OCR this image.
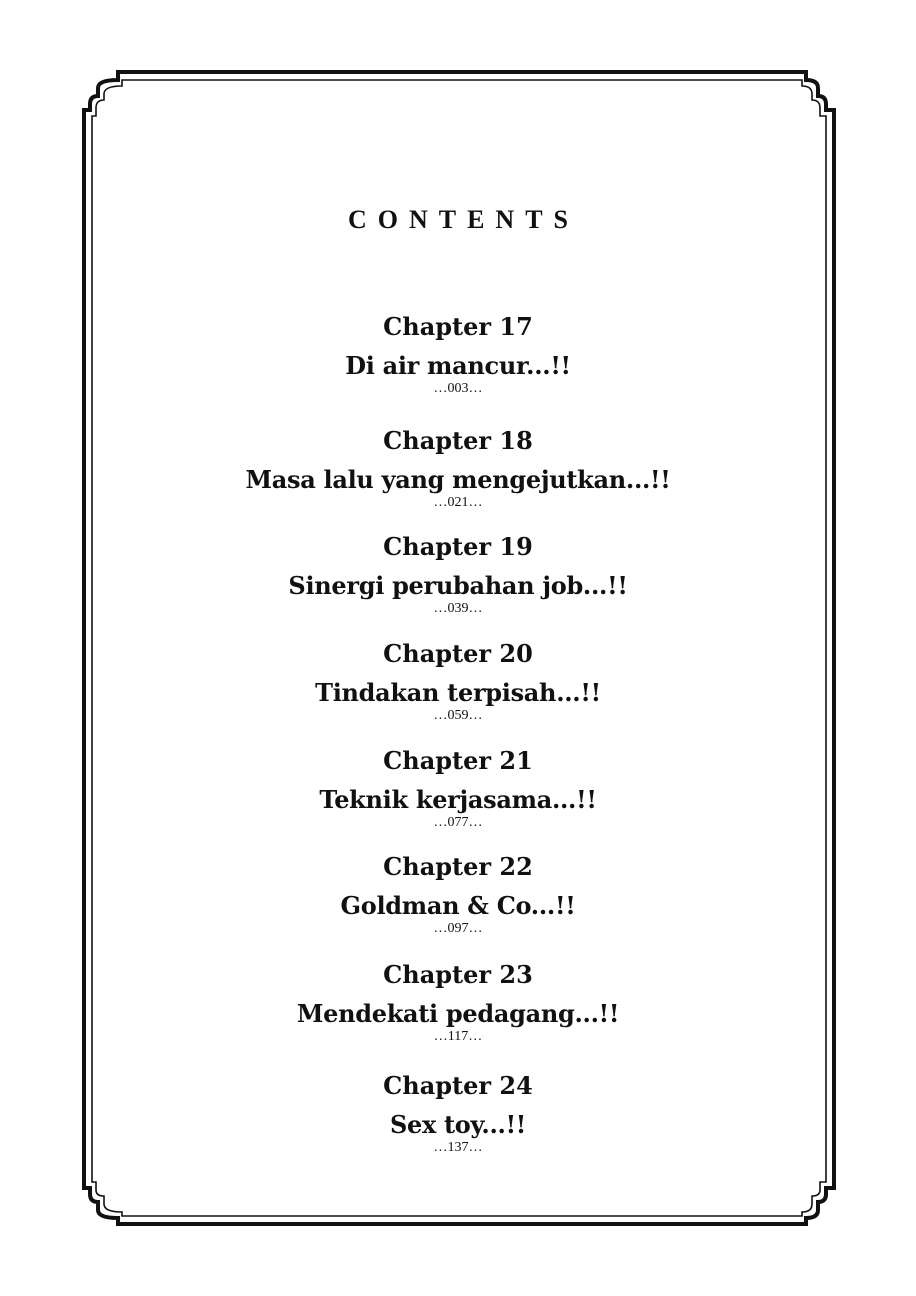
CONTENTS
Chapter 17
Di air mancur...!!
…003…
Chapter 18
Masa lalu yang mengejutkan...!!
…021…
Chapter 19
Sinergi perubahan job...!!
…039…
Chapter 20
Tindakan terpisah...!!
…059…
Chapter 21
Teknik kerjasama...!!
…077…
Chapter 22
Goldman & Co...!!
…097…
Chapter 23
Mendekati pedagang...!!
…117…
Chapter 24
Sex toy...!!
…137…
